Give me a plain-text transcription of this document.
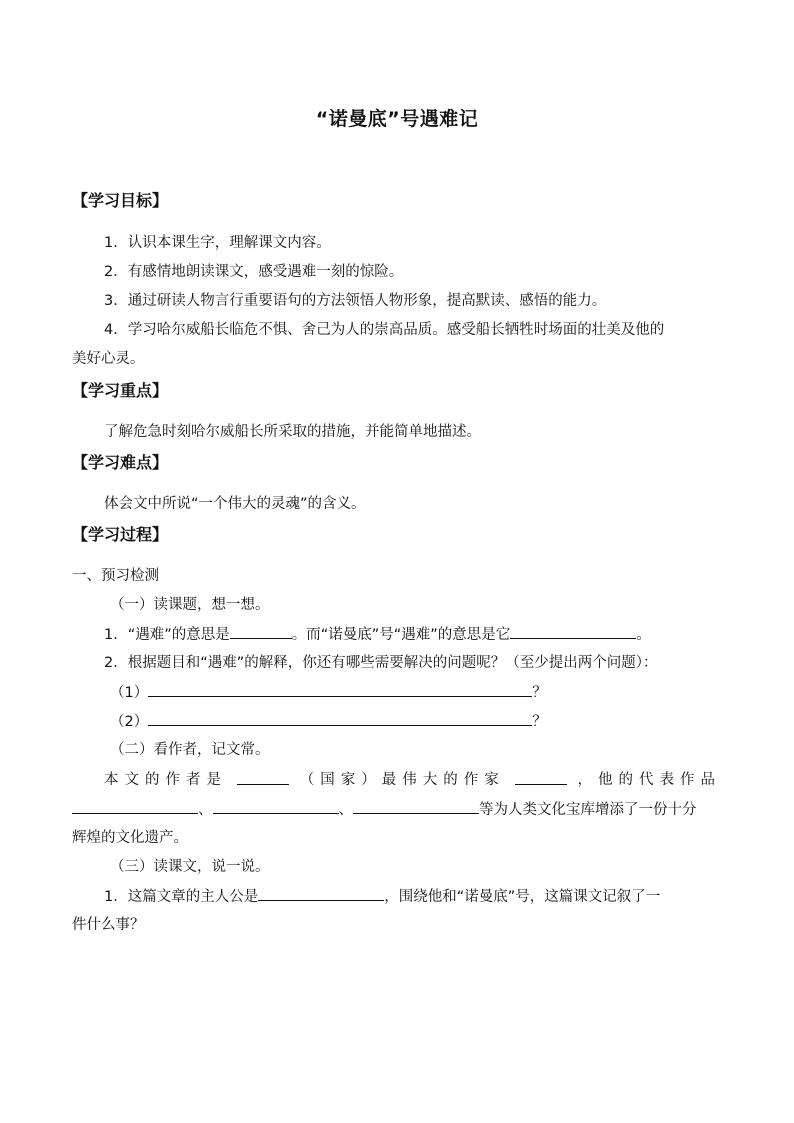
“诺曼底”号遇难记
【学习目标】
1．认识本课生字，理解课文内容。
2．有感情地朗读课文，感受遇难一刻的惊险。
3．通过研读人物言行重要语句的方法领悟人物形象，提高默读、感悟的能力。
4．学习哈尔威船长临危不惧、舍己为人的崇高品质。感受船长牺牲时场面的壮美及他的
美好心灵。
【学习重点】
了解危急时刻哈尔威船长所采取的措施，并能简单地描述。
【学习难点】
体会文中所说“一个伟大的灵魂”的含义。
【学习过程】
一、预习检测
（一）读课题，想一想。
1．“遇难”的意思是	。而“诺曼底”号“遇难”的意思是它	。
2．根据题目和“遇难”的解释，你还有哪些需要解决的问题呢？（至少提出两个问题）：
（1）	？
（2）	？
（二）看作者，记文常。
本文的作者是	（国家）最伟大的作家	，他的代表作品
、	、	等为人类文化宝库增添了一份十分
辉煌的文化遗产。
（三）读课文，说一说。
1．这篇文章的主人公是	，围绕他和“诺曼底”号，这篇课文记叙了一
件什么事？
